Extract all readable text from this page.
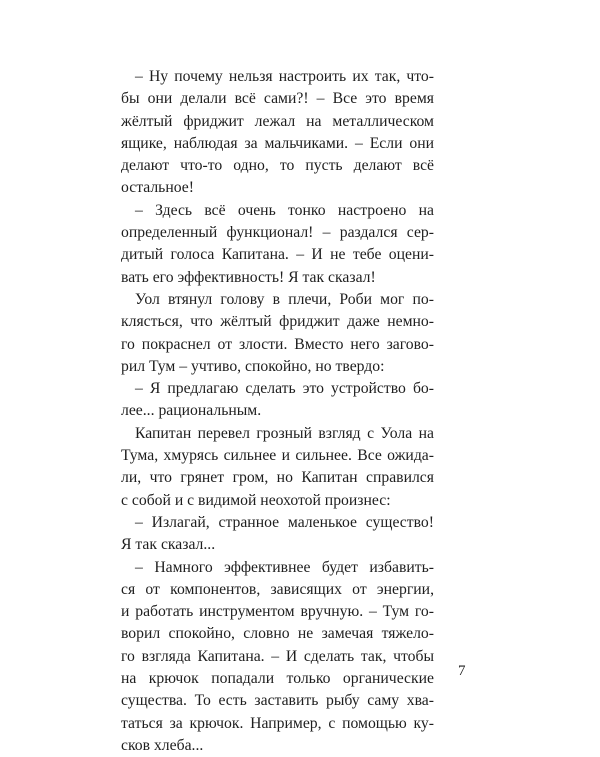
– Ну почему нельзя настроить их так, что-
бы они делали всё сами?! – Все это время
жёлтый фриджит лежал на металлическом
ящике, наблюдая за мальчиками. – Если они
делают что-то одно, то пусть делают всё
остальное!
– Здесь всё очень тонко настроено на
определенный функционал! – раздался сер-
дитый голоса Капитана. – И не тебе оцени-
вать его эффективность! Я так сказал!
Уол втянул голову в плечи, Роби мог по-
клясться, что жёлтый фриджит даже немно-
го покраснел от злости. Вместо него загово-
рил Тум – учтиво, спокойно, но твердо:
– Я предлагаю сделать это устройство бо-
лее... рациональным.
Капитан перевел грозный взгляд с Уола на
Тума, хмурясь сильнее и сильнее. Все ожида-
ли, что грянет гром, но Капитан справился
с собой и с видимой неохотой произнес:
– Излагай, странное маленькое существо!
Я так сказал...
– Намного эффективнее будет избавить-
ся от компонентов, зависящих от энергии,
и работать инструментом вручную. – Тум го-
ворил спокойно, словно не замечая тяжело-
го взгляда Капитана. – И сделать так, чтобы
на крючок попадали только органические
существа. То есть заставить рыбу саму хва-
таться за крючок. Например, с помощью ку-
сков хлеба...
7
